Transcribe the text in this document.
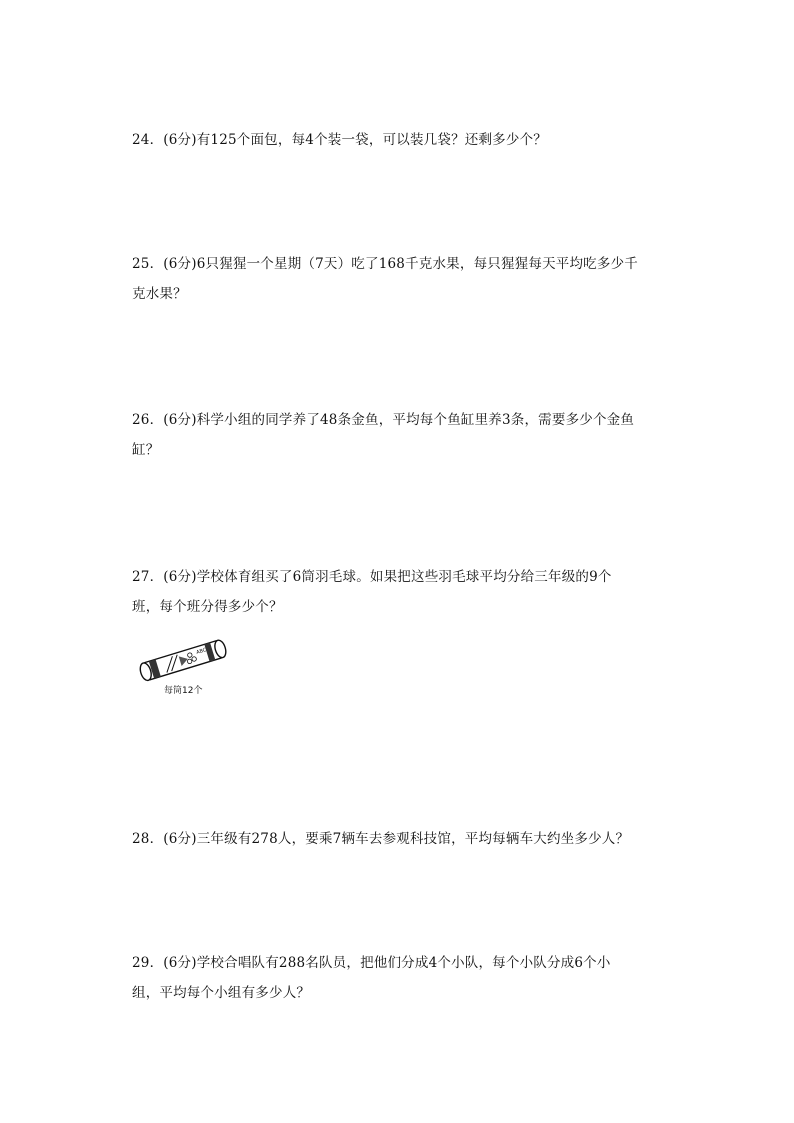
24．(6分)有125个面包，每4个装一袋，可以装几袋？还剩多少个？
25．(6分)6只猩猩一个星期（7天）吃了168千克水果，每只猩猩每天平均吃多少千
克水果？
26．(6分)科学小组的同学养了48条金鱼，平均每个鱼缸里养3条，需要多少个金鱼
缸？
27．(6分)学校体育组买了6筒羽毛球。如果把这些羽毛球平均分给三年级的9个
班，每个班分得多少个？
ABC
每筒12个
28．(6分)三年级有278人，要乘7辆车去参观科技馆，平均每辆车大约坐多少人？
29．(6分)学校合唱队有288名队员，把他们分成4个小队，每个小队分成6个小
组，平均每个小组有多少人？
